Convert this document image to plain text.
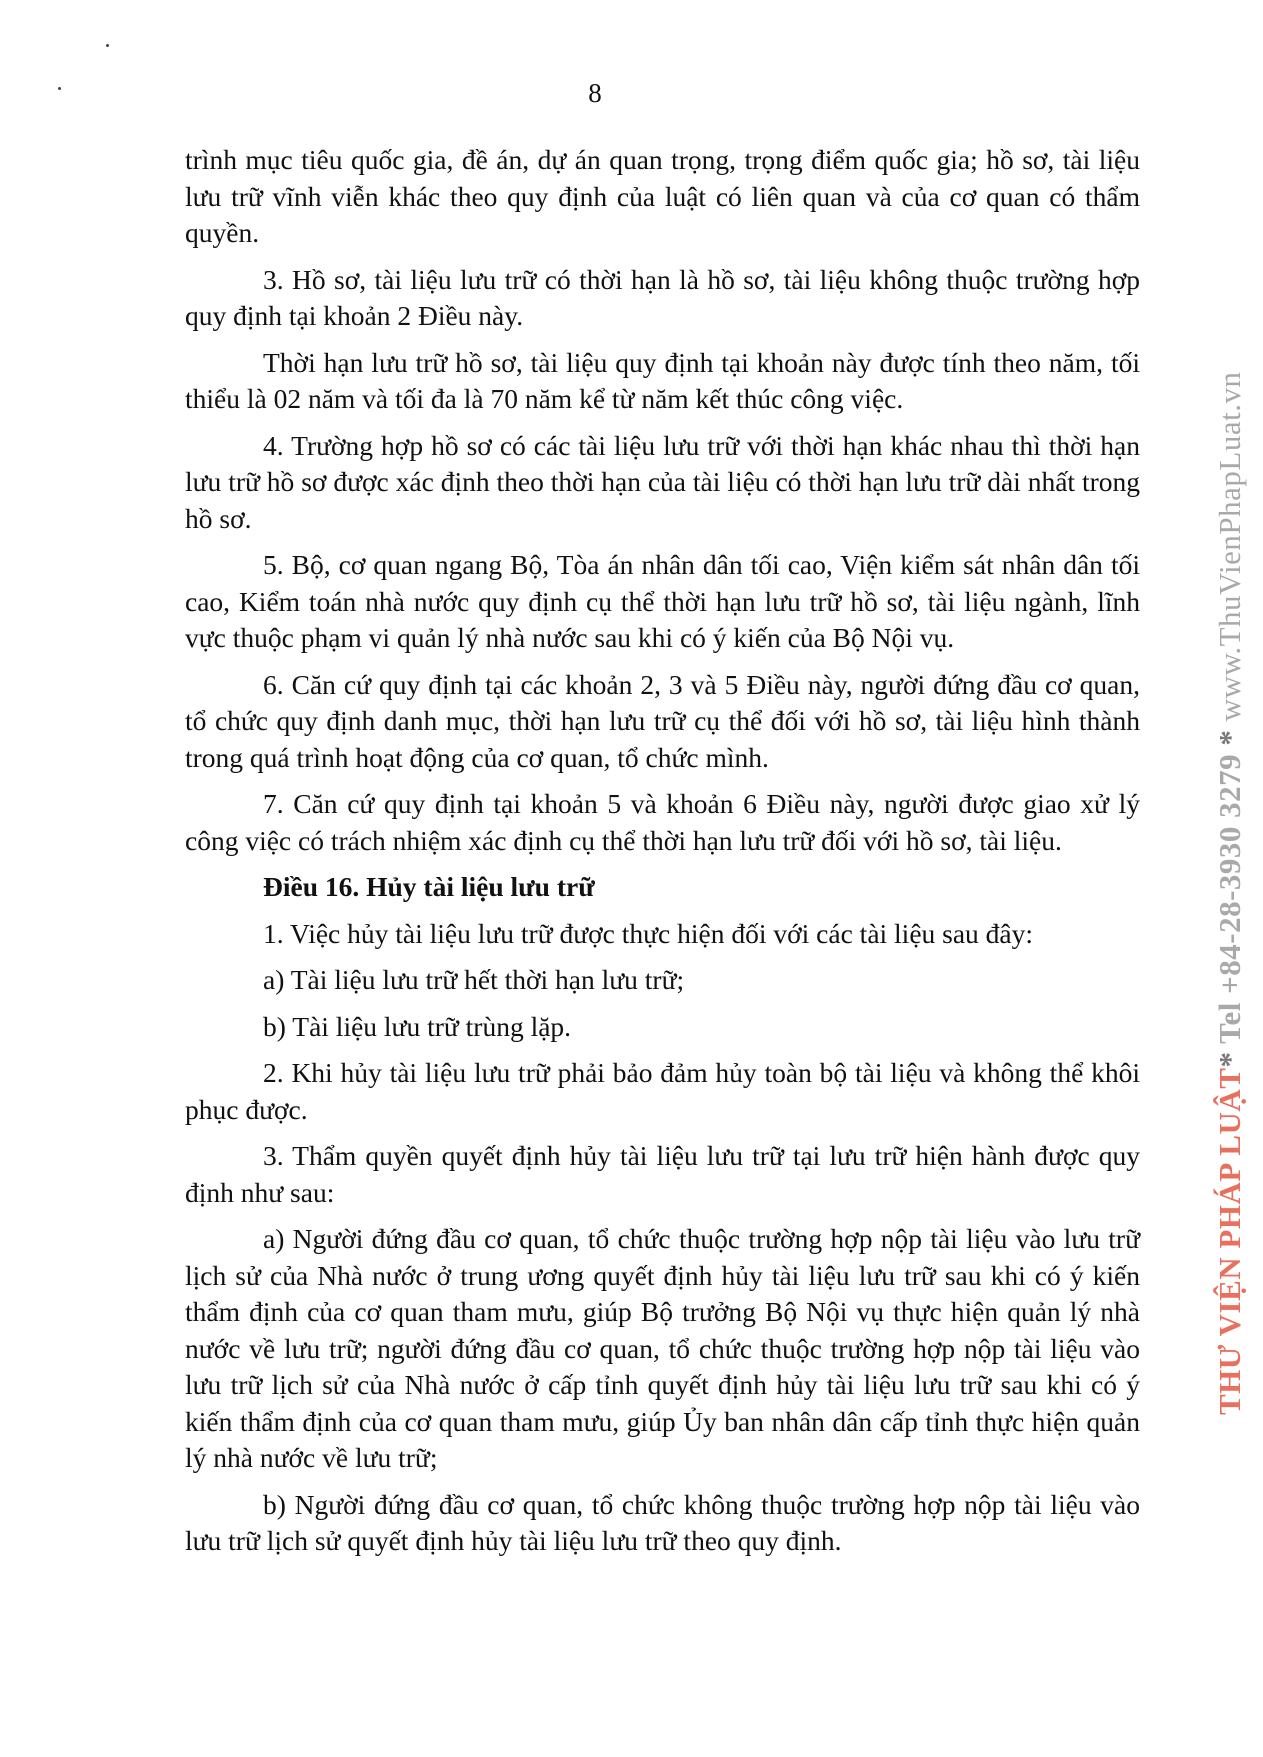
8

trình mục tiêu quốc gia, đề án, dự án quan trọng, trọng điểm quốc gia; hồ sơ, tài liệu lưu trữ vĩnh viễn khác theo quy định của luật có liên quan và của cơ quan có thẩm quyền.

3. Hồ sơ, tài liệu lưu trữ có thời hạn là hồ sơ, tài liệu không thuộc trường hợp quy định tại khoản 2 Điều này.

Thời hạn lưu trữ hồ sơ, tài liệu quy định tại khoản này được tính theo năm, tối thiểu là 02 năm và tối đa là 70 năm kể từ năm kết thúc công việc.

4. Trường hợp hồ sơ có các tài liệu lưu trữ với thời hạn khác nhau thì thời hạn lưu trữ hồ sơ được xác định theo thời hạn của tài liệu có thời hạn lưu trữ dài nhất trong hồ sơ.

5. Bộ, cơ quan ngang Bộ, Tòa án nhân dân tối cao, Viện kiểm sát nhân dân tối cao, Kiểm toán nhà nước quy định cụ thể thời hạn lưu trữ hồ sơ, tài liệu ngành, lĩnh vực thuộc phạm vi quản lý nhà nước sau khi có ý kiến của Bộ Nội vụ.

6. Căn cứ quy định tại các khoản 2, 3 và 5 Điều này, người đứng đầu cơ quan, tổ chức quy định danh mục, thời hạn lưu trữ cụ thể đối với hồ sơ, tài liệu hình thành trong quá trình hoạt động của cơ quan, tổ chức mình.

7. Căn cứ quy định tại khoản 5 và khoản 6 Điều này, người được giao xử lý công việc có trách nhiệm xác định cụ thể thời hạn lưu trữ đối với hồ sơ, tài liệu.

Điều 16. Hủy tài liệu lưu trữ

1. Việc hủy tài liệu lưu trữ được thực hiện đối với các tài liệu sau đây:

a) Tài liệu lưu trữ hết thời hạn lưu trữ;

b) Tài liệu lưu trữ trùng lặp.

2. Khi hủy tài liệu lưu trữ phải bảo đảm hủy toàn bộ tài liệu và không thể khôi phục được.

3. Thẩm quyền quyết định hủy tài liệu lưu trữ tại lưu trữ hiện hành được quy định như sau:

a) Người đứng đầu cơ quan, tổ chức thuộc trường hợp nộp tài liệu vào lưu trữ lịch sử của Nhà nước ở trung ương quyết định hủy tài liệu lưu trữ sau khi có ý kiến thẩm định của cơ quan tham mưu, giúp Bộ trưởng Bộ Nội vụ thực hiện quản lý nhà nước về lưu trữ; người đứng đầu cơ quan, tổ chức thuộc trường hợp nộp tài liệu vào lưu trữ lịch sử của Nhà nước ở cấp tỉnh quyết định hủy tài liệu lưu trữ sau khi có ý kiến thẩm định của cơ quan tham mưu, giúp Ủy ban nhân dân cấp tỉnh thực hiện quản lý nhà nước về lưu trữ;

b) Người đứng đầu cơ quan, tổ chức không thuộc trường hợp nộp tài liệu vào lưu trữ lịch sử quyết định hủy tài liệu lưu trữ theo quy định.

THƯ VIỆN PHÁP LUẬT* Tel +84-28-3930 3279 * www.ThuVienPhapLuat.vn
